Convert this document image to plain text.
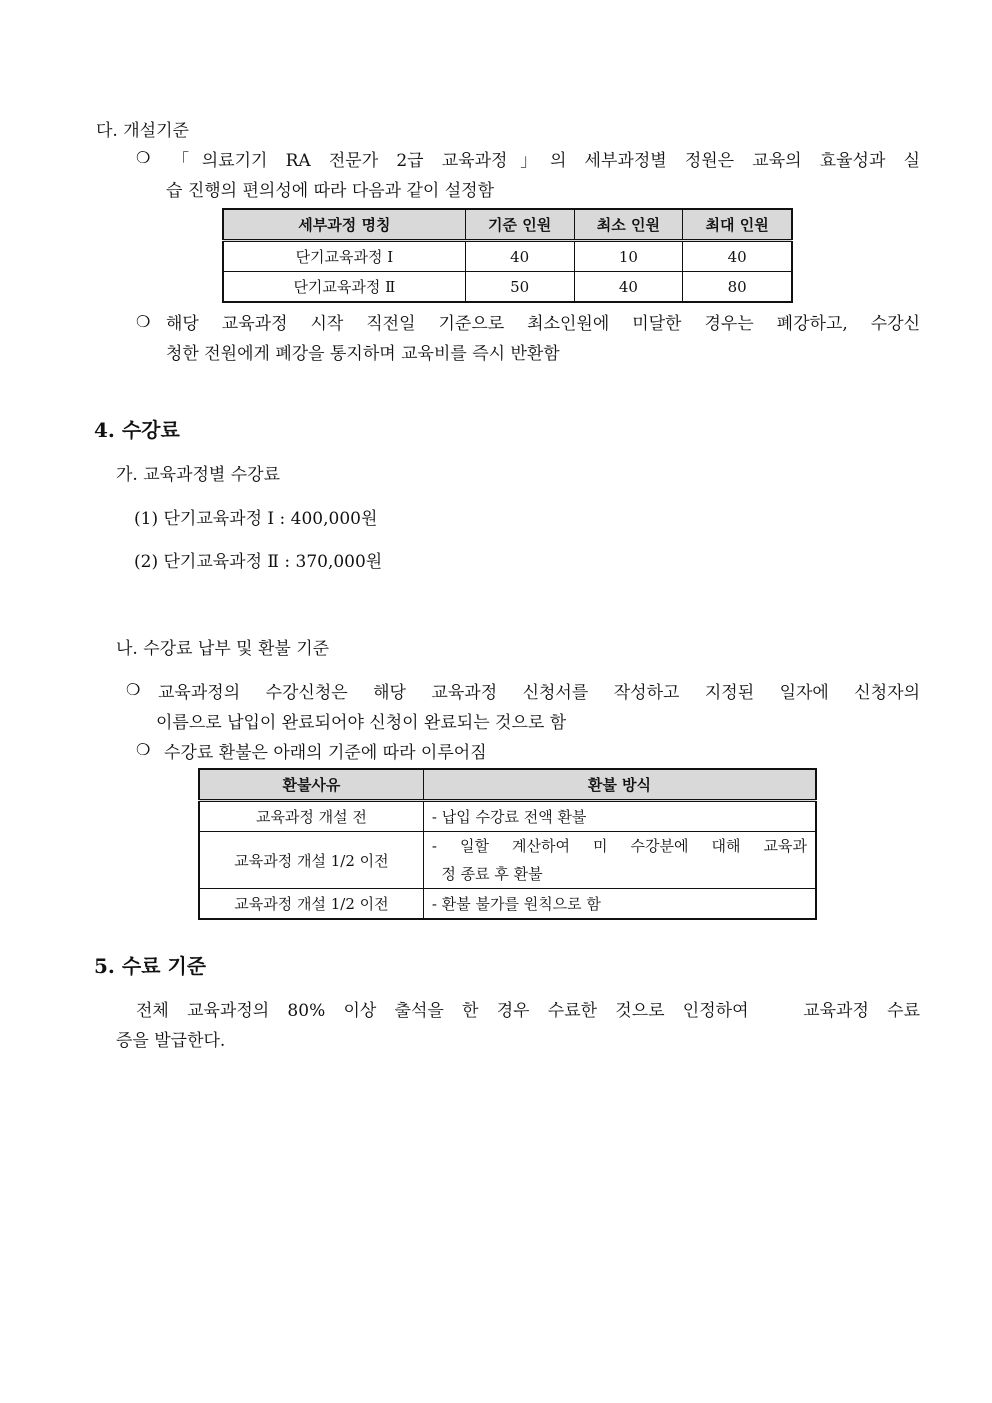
다. 개설기준
❍ 「의료기기 RA 전문가 2급 교육과정」의 세부과정별 정원은 교육의 효율성과 실
습 진행의 편의성에 따라 다음과 같이 설정함
세부과정 명칭	기준 인원	최소 인원	최대 인원
단기교육과정 Ⅰ	40	10	40
단기교육과정 Ⅱ	50	40	80
❍ 해당 교육과정 시작 직전일 기준으로 최소인원에 미달한 경우는 폐강하고, 수강신
청한 전원에게 폐강을 통지하며 교육비를 즉시 반환함
4. 수강료
가. 교육과정별 수강료
(1) 단기교육과정 Ⅰ : 400,000원
(2) 단기교육과정 Ⅱ : 370,000원
나. 수강료 납부 및 환불 기준
❍ 교육과정의 수강신청은 해당 교육과정 신청서를 작성하고 지정된 일자에 신청자의
이름으로 납입이 완료되어야 신청이 완료되는 것으로 함
❍ 수강료 환불은 아래의 기준에 따라 이루어짐
환불사유	환불 방식
교육과정 개설 전	- 납입 수강료 전액 환불
교육과정 개설 1/2 이전	- 일할 계산하여 미 수강분에 대해 교육과
정 종료 후 환불

교육과정 개설 1/2 이전	- 환불 불가를 원칙으로 함
5. 수료 기준
전체 교육과정의 80% 이상 출석을 한 경우 수료한 것으로 인정하여   교육과정 수료
증을 발급한다.
